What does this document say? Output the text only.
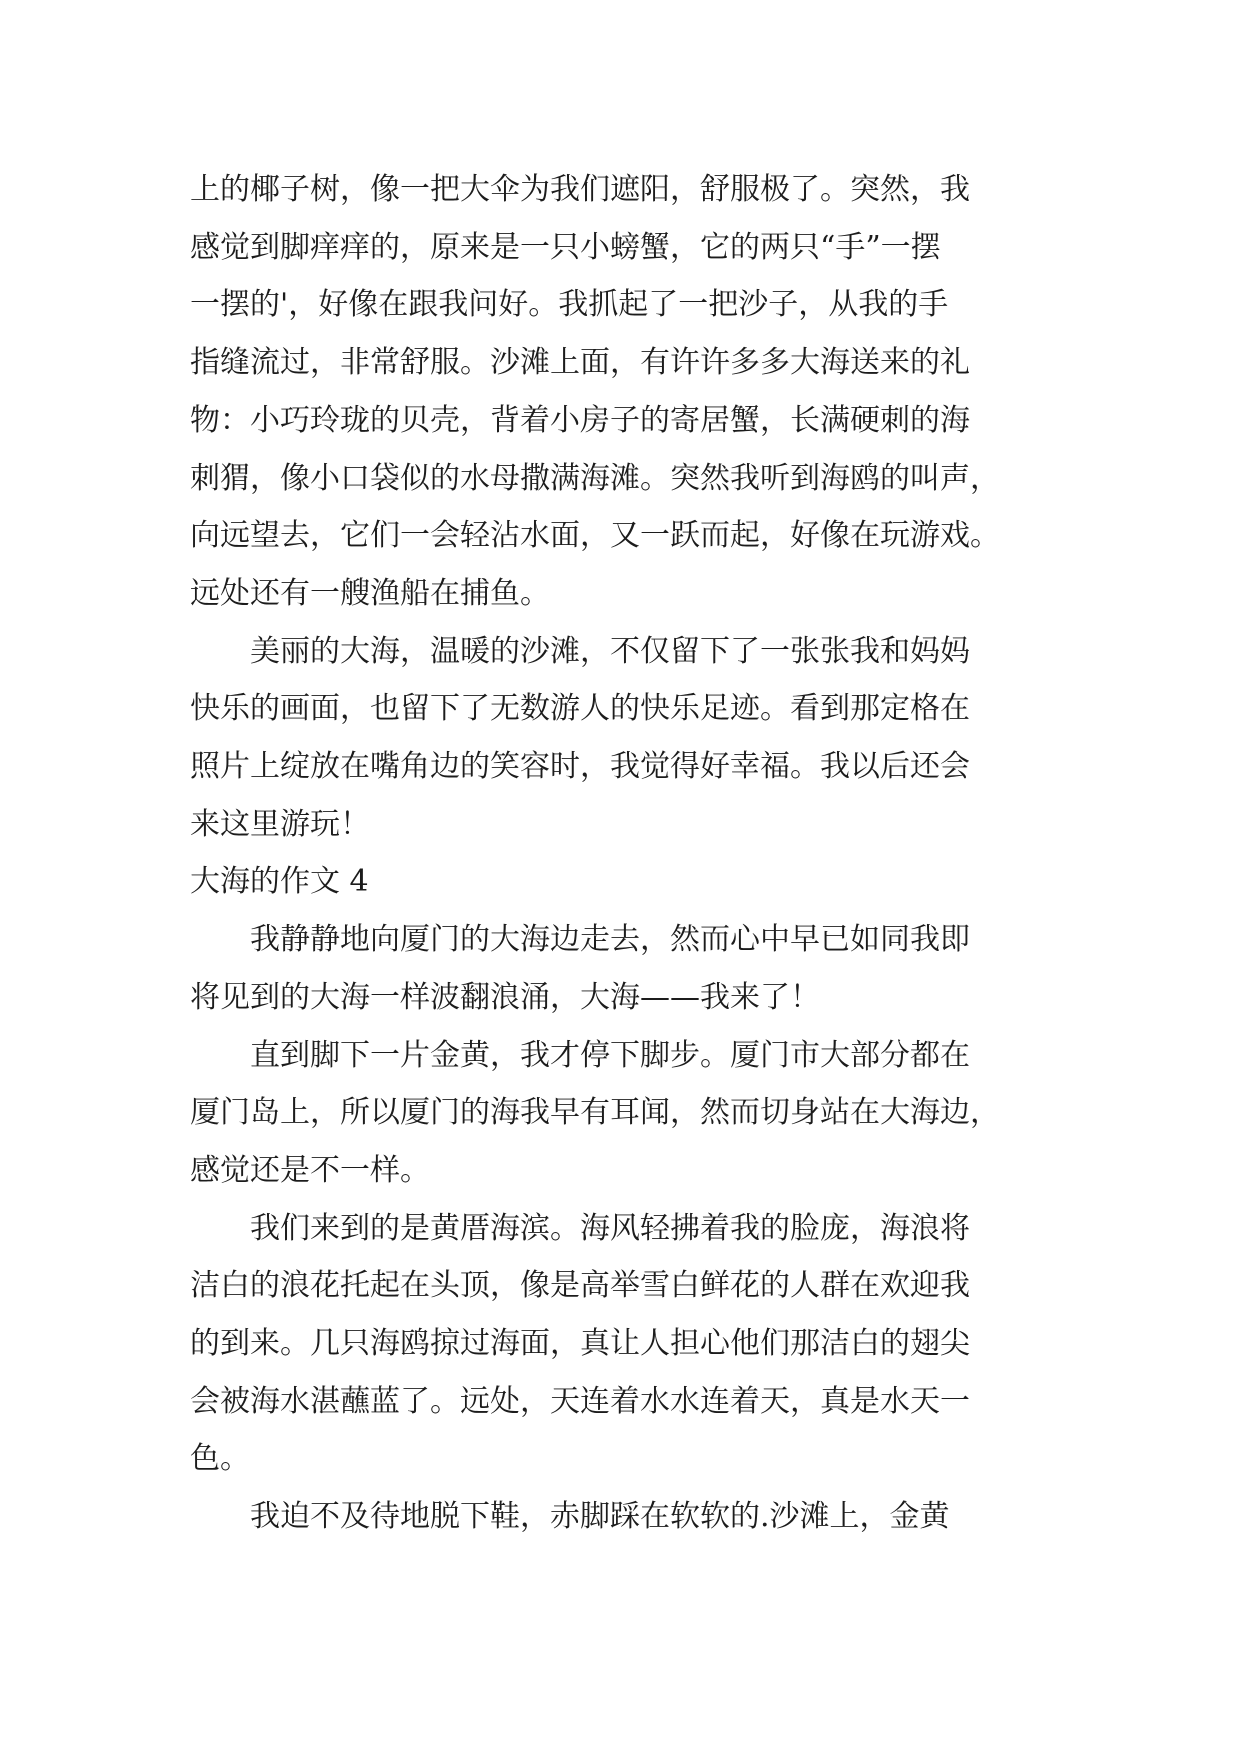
上的椰子树，像一把大伞为我们遮阳，舒服极了。突然，我

感觉到脚痒痒的，原来是一只小螃蟹，它的两只“手”一摆

一摆的'，好像在跟我问好。我抓起了一把沙子，从我的手

指缝流过，非常舒服。沙滩上面，有许许多多大海送来的礼

物：小巧玲珑的贝壳，背着小房子的寄居蟹，长满硬刺的海

刺猬，像小口袋似的水母撒满海滩。突然我听到海鸥的叫声，

向远望去，它们一会轻沾水面，又一跃而起，好像在玩游戏。

远处还有一艘渔船在捕鱼。

　　美丽的大海，温暖的沙滩，不仅留下了一张张我和妈妈

快乐的画面，也留下了无数游人的快乐足迹。看到那定格在

照片上绽放在嘴角边的笑容时，我觉得好幸福。我以后还会

来这里游玩！

大海的作文 4

　　我静静地向厦门的大海边走去，然而心中早已如同我即

将见到的大海一样波翻浪涌，大海——我来了！

　　直到脚下一片金黄，我才停下脚步。厦门市大部分都在

厦门岛上，所以厦门的海我早有耳闻，然而切身站在大海边，

感觉还是不一样。

　　我们来到的是黄厝海滨。海风轻拂着我的脸庞，海浪将

洁白的浪花托起在头顶，像是高举雪白鲜花的人群在欢迎我

的到来。几只海鸥掠过海面，真让人担心他们那洁白的翅尖

会被海水湛蘸蓝了。远处，天连着水水连着天，真是水天一

色。

　　我迫不及待地脱下鞋，赤脚踩在软软的.沙滩上，金黄
